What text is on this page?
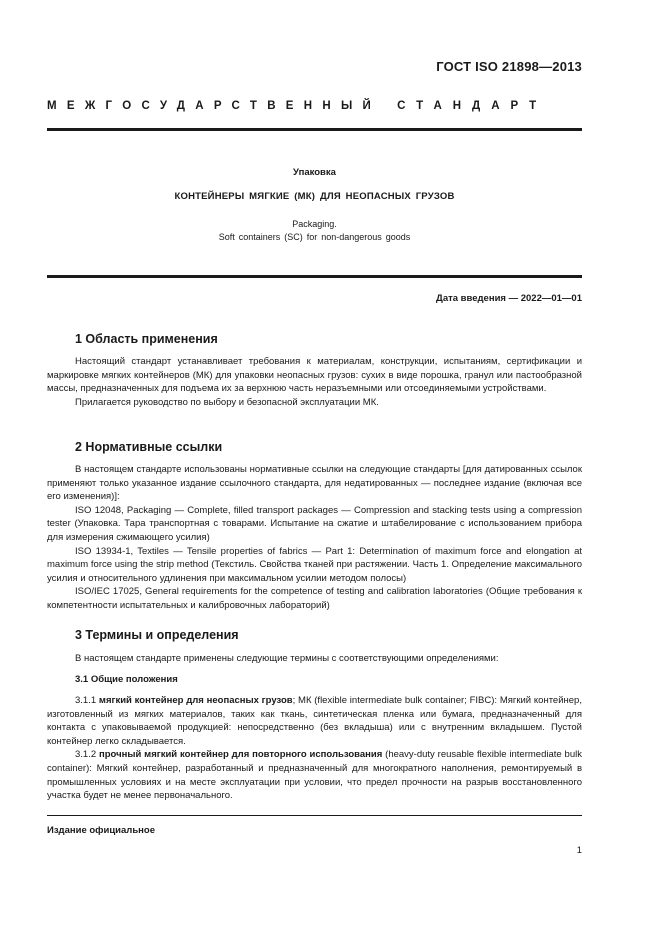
ГОСТ ISO 21898—2013
МЕЖГОСУДАРСТВЕННЫЙ СТАНДАРТ
Упаковка
КОНТЕЙНЕРЫ МЯГКИЕ (МК) ДЛЯ НЕОПАСНЫХ ГРУЗОВ
Packaging.
Soft containers (SC) for non-dangerous goods
Дата введения — 2022—01—01
1 Область применения

Настоящий стандарт устанавливает требования к материалам, конструкции, испытаниям, сертификации и маркировке мягких контейнеров (МК) для упаковки неопасных грузов: сухих в виде порошка, гранул или пастообразной массы, предназначенных для подъема их за верхнюю часть неразъемными или отсоединяемыми устройствами.

Прилагается руководство по выбору и безопасной эксплуатации МК.

2 Нормативные ссылки

В настоящем стандарте использованы нормативные ссылки на следующие стандарты [для датированных ссылок применяют только указанное издание ссылочного стандарта, для недатированных — последнее издание (включая все его изменения)]:

ISO 12048, Packaging — Complete, filled transport packages — Compression and stacking tests using a compression tester (Упаковка. Тара транспортная с товарами. Испытание на сжатие и штабелирование с использованием прибора для измерения сжимающего усилия)

ISO 13934-1, Textiles — Tensile properties of fabrics — Part 1: Determination of maximum force and elongation at maximum force using the strip method (Текстиль. Свойства тканей при растяжении. Часть 1. Определение максимального усилия и относительного удлинения при максимальном усилии методом полосы)

ISO/IEC 17025, General requirements for the competence of testing and calibration laboratories (Общие требования к компетентности испытательных и калибровочных лабораторий)

3 Термины и определения

В настоящем стандарте применены следующие термины с соответствующими определениями:

3.1 Общие положения

3.1.1 мягкий контейнер для неопасных грузов; МК (flexible intermediate bulk container; FIBC): Мягкий контейнер, изготовленный из мягких материалов, таких как ткань, синтетическая пленка или бумага, предназначенный для контакта с упаковываемой продукцией: непосредственно (без вкладыша) или с внутренним вкладышем. Пустой контейнер легко складывается.

3.1.2 прочный мягкий контейнер для повторного использования (heavy-duty reusable flexible intermediate bulk container): Мягкий контейнер, разработанный и предназначенный для многократного наполнения, ремонтируемый в промышленных условиях и на месте эксплуатации при условии, что предел прочности на разрыв восстановленного участка будет не менее первоначального.

Издание официальное
1
